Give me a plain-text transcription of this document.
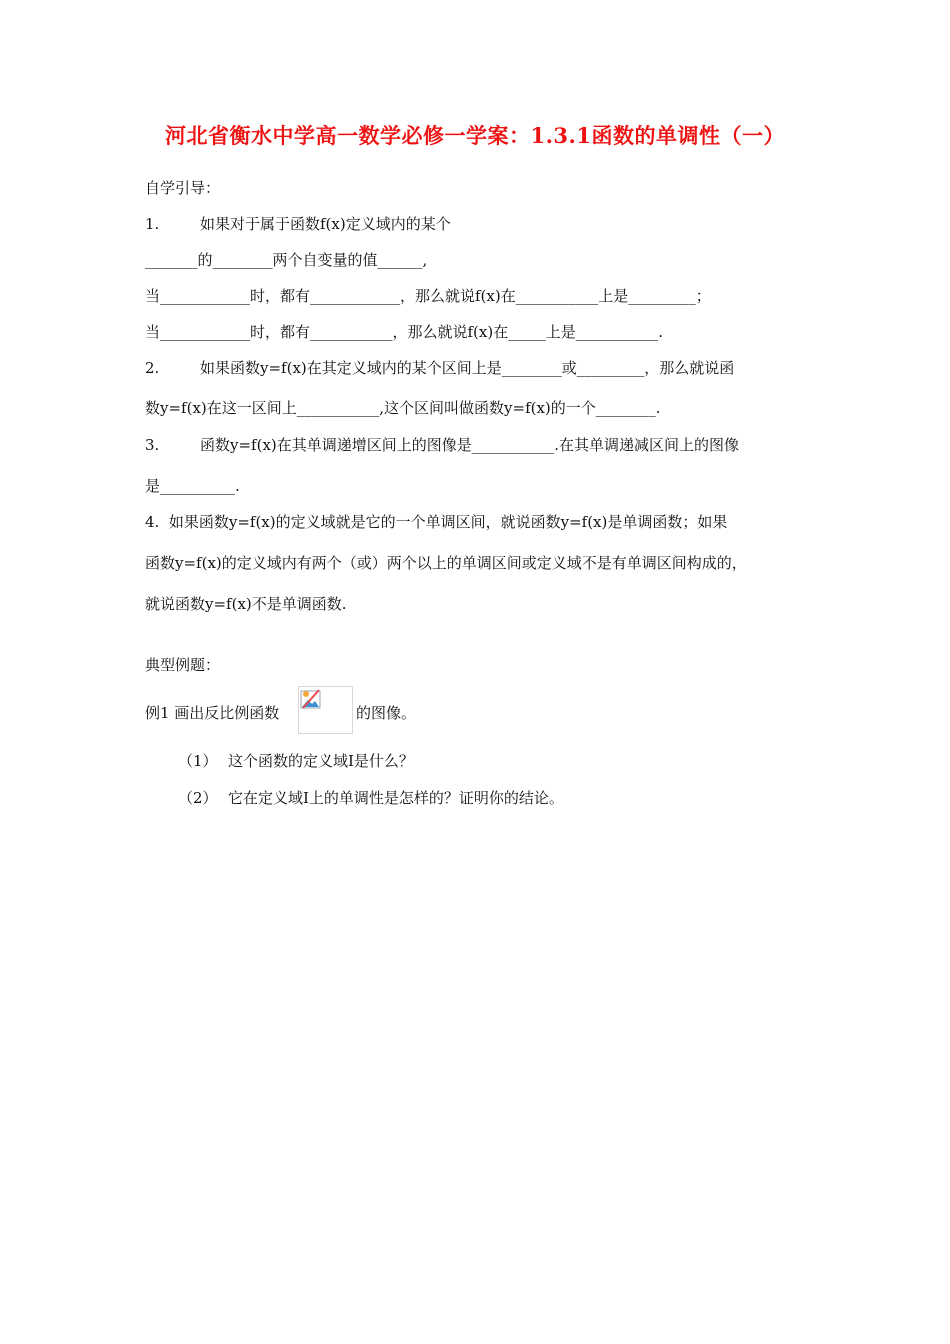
河北省衡水中学高一数学必修一学案：1.3.1函数的单调性（一）
自学引导：
1.	如果对于属于函数f(x)定义域内的某个
_______的________两个自变量的值______,
当____________时，都有____________，那么就说f(x)在___________上是_________；
当____________时，都有___________，那么就说f(x)在_____上是___________.
2.	如果函数y=f(x)在其定义域内的某个区间上是________或_________，那么就说函
数y=f(x)在这一区间上___________,这个区间叫做函数y=f(x)的一个________.
3.	函数y=f(x)在其单调递增区间上的图像是___________.在其单调递减区间上的图像
是__________.
4.  如果函数y=f(x)的定义域就是它的一个单调区间，就说函数y=f(x)是单调函数；如果
函数y=f(x)的定义域内有两个（或）两个以上的单调区间或定义域不是有单调区间构成的，
就说函数y=f(x)不是单调函数.
典型例题：
例1 画出反比例函数	的图像。
（1） 这个函数的定义域I是什么？
（2） 它在定义域I上的单调性是怎样的？证明你的结论。
